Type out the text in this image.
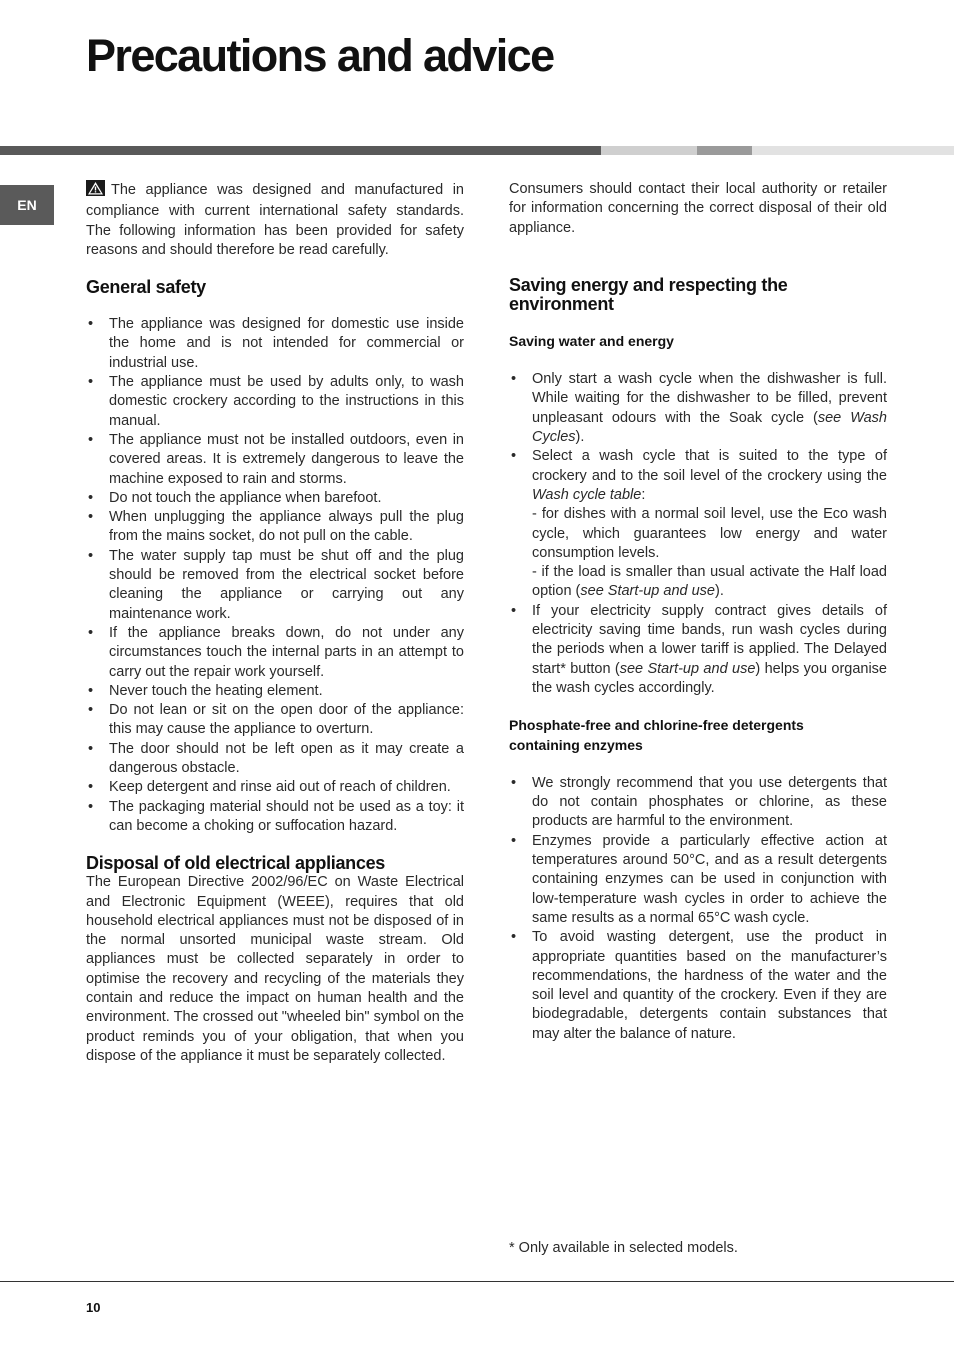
Precautions and advice
EN

The appliance was designed and manufactured in compliance with current international safety standards. The following information has been provided for safety reasons and should therefore be read carefully.

General safety
• The appliance was designed for domestic use inside the home and is not intended for commercial or industrial use.
• The appliance must be used by adults only, to wash domestic crockery according to the instructions in this manual.
• The appliance must not be installed outdoors, even in covered areas. It is extremely dangerous to leave the machine exposed to rain and storms.
• Do not touch the appliance when barefoot.
• When unplugging the appliance always pull the plug from the mains socket, do not pull on the cable.
• The water supply tap must be shut off and the plug should be removed from the electrical socket before cleaning the appliance or carrying out any maintenance work.
• If the appliance breaks down, do not under any circumstances touch the internal parts in an attempt to carry out the repair work yourself.
• Never touch the heating element.
• Do not lean or sit on the open door of the appliance: this may cause the appliance to overturn.
• The door should not be left open as it may create a dangerous obstacle.
• Keep detergent and rinse aid out of reach of children.
• The packaging material should not be used as a toy: it can become a choking or suffocation hazard.
Disposal of old electrical appliances

The European Directive 2002/96/EC on Waste Electrical and Electronic Equipment (WEEE), requires that old household electrical appliances must not be disposed of in the normal unsorted municipal waste stream. Old appliances must be collected separately in order to optimise the recovery and recycling of the materials they contain and reduce the impact on human health and the environment. The crossed out "wheeled bin" symbol on the product reminds you of your obligation, that when you dispose of the appliance it must be separately collected.

Consumers should contact their local authority or retailer for information concerning the correct disposal of their old appliance.

Saving energy and respecting the
environment
Saving water and energy
• Only start a wash cycle when the dishwasher is full. While waiting for the dishwasher to be filled, prevent unpleasant odours with the Soak cycle (see Wash Cycles).
• Select a wash cycle that is suited to the type of crockery and to the soil level of the crockery using the Wash cycle table:
- for dishes with a normal soil level, use the Eco wash cycle, which guarantees low energy and water consumption levels.
- if the load is smaller than usual activate the Half load option (see Start-up and use).
• If your electricity supply contract gives details of electricity saving time bands, run wash cycles during the periods when a lower tariff is applied. The Delayed start* button (see Start-up and use) helps you organise the wash cycles accordingly.
Phosphate-free and chlorine-free detergents
containing enzymes
• We strongly recommend that you use detergents that do not contain phosphates or chlorine, as these products are harmful to the environment.
• Enzymes provide a particularly effective action at temperatures around 50°C, and as a result detergents containing enzymes can be used in conjunction with low-temperature wash cycles in order to achieve the same results as a normal 65°C wash cycle.
• To avoid wasting detergent, use the product in appropriate quantities based on the manufacturer’s recommendations, the hardness of the water and the soil level and quantity of the crockery. Even if they are biodegradable, detergents contain substances that may alter the balance of nature.

* Only available in selected models.

10
